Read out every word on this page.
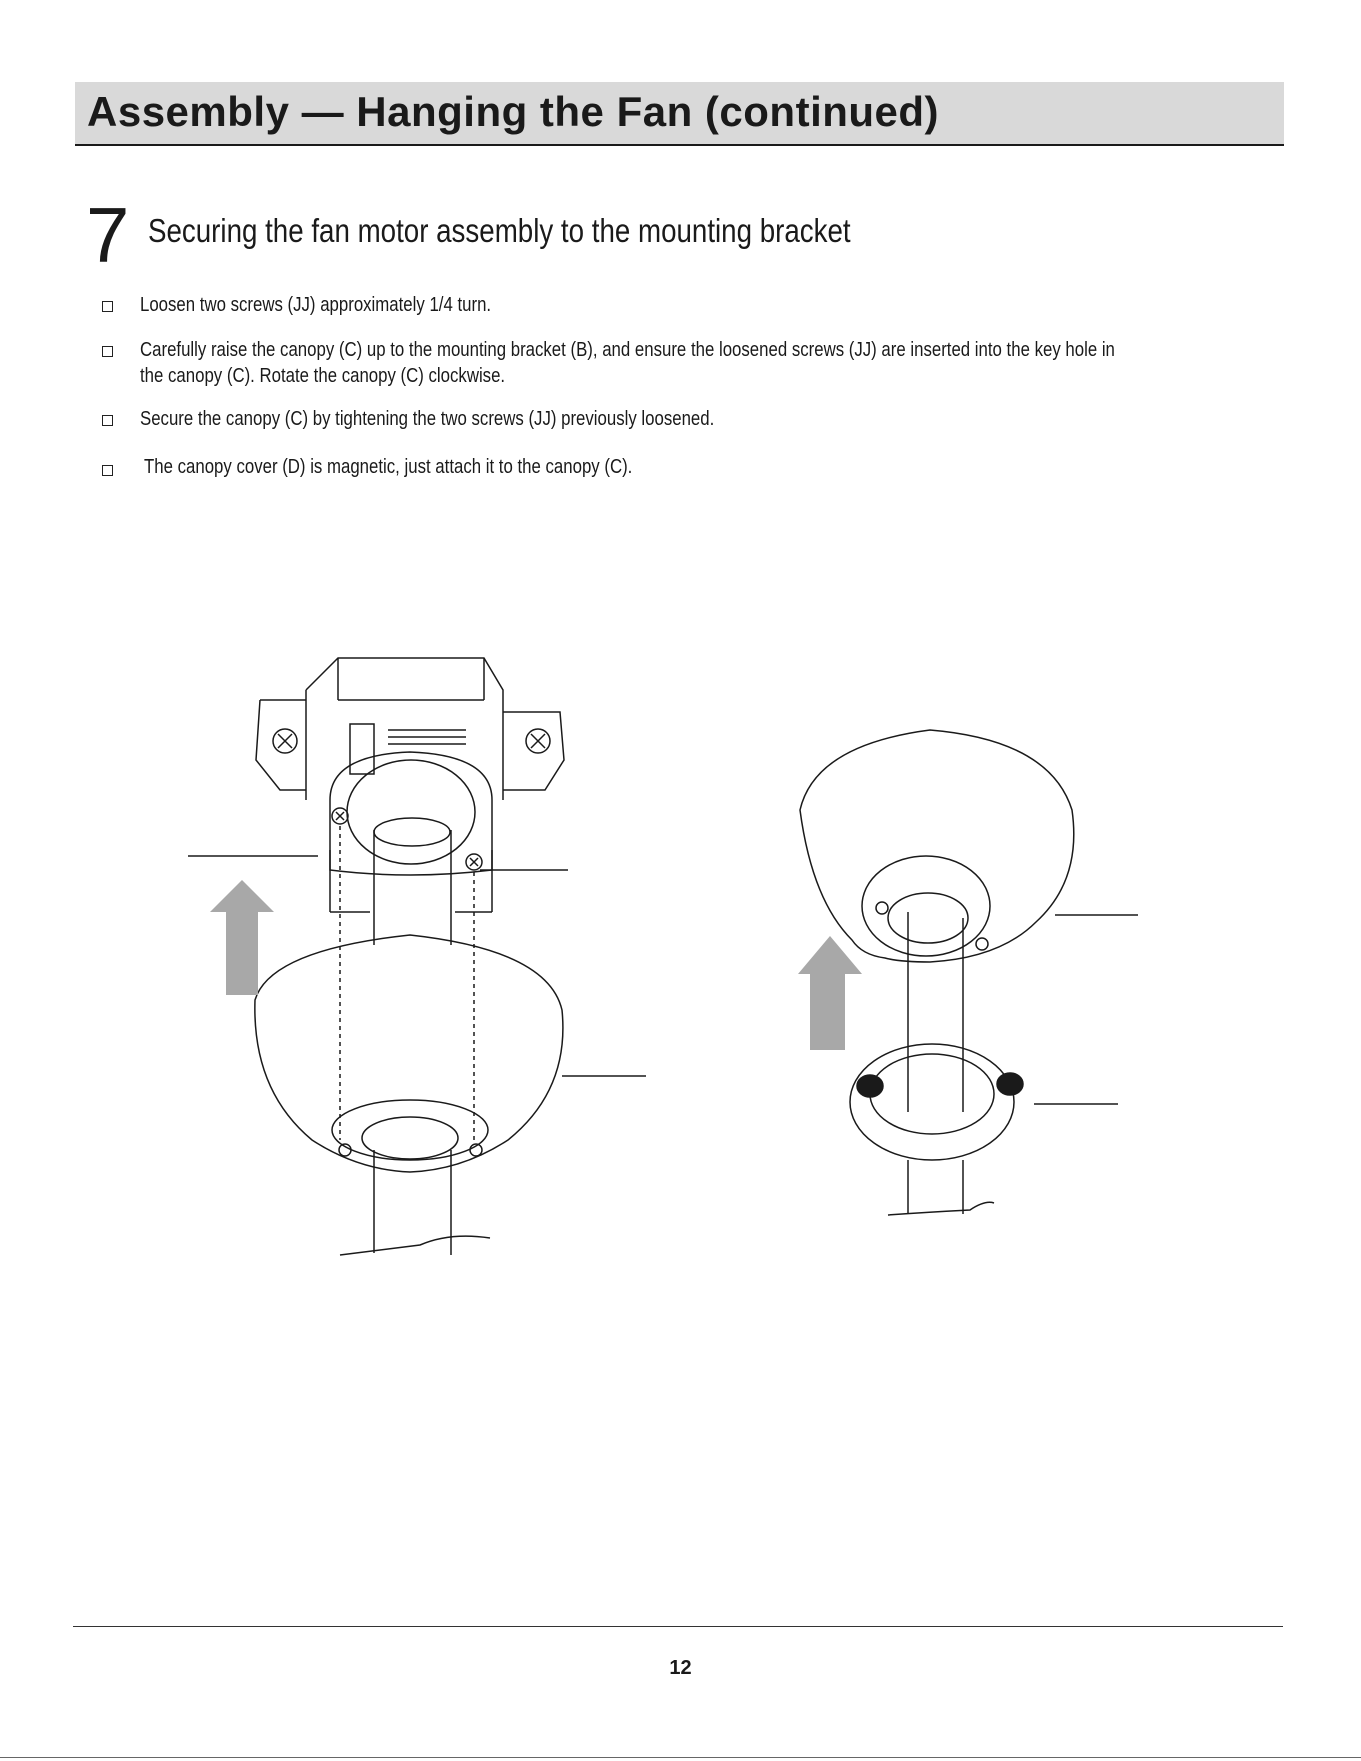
Assembly — Hanging the Fan (continued)
7 Securing the fan motor assembly to the mounting bracket
Loosen two screws (JJ) approximately 1/4 turn.
Carefully raise the canopy (C) up to the mounting bracket (B), and ensure the loosened screws (JJ) are inserted into the key hole in
the canopy (C). Rotate the canopy (C) clockwise.
Secure the canopy (C) by tightening the two screws (JJ) previously loosened.
The canopy cover (D) is magnetic, just attach it to the canopy (C).
12
